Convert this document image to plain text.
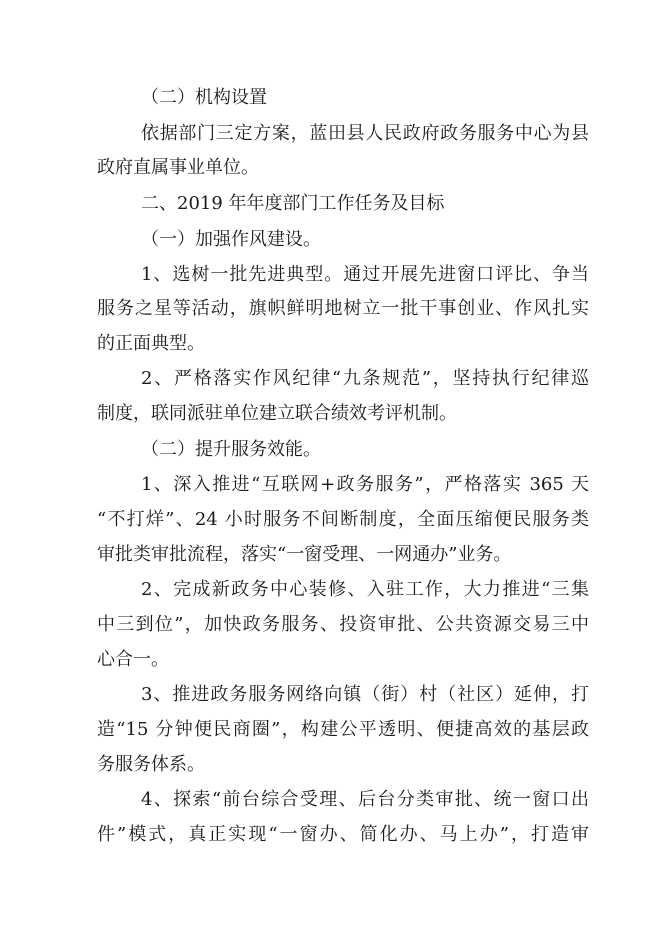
（二）机构设置
依据部门三定方案，蓝田县人民政府政务服务中心为县
政府直属事业单位。
二、2019 年年度部门工作任务及目标
（一）加强作风建设。
1、选树一批先进典型。通过开展先进窗口评比、争当
服务之星等活动，旗帜鲜明地树立一批干事创业、作风扎实
的正面典型。
2、严格落实作风纪律“九条规范”，坚持执行纪律巡
制度，联同派驻单位建立联合绩效考评机制。
（二）提升服务效能。
1、深入推进“互联网+政务服务”，严格落实 365 天
“不打烊”、24 小时服务不间断制度，全面压缩便民服务类
审批类审批流程，落实“一窗受理、一网通办”业务。
2、完成新政务中心装修、入驻工作，大力推进“三集
中三到位”，加快政务服务、投资审批、公共资源交易三中
心合一。
3、推进政务服务网络向镇（街）村（社区）延伸，打
造“15 分钟便民商圈”，构建公平透明、便捷高效的基层政
务服务体系。
4、探索“前台综合受理、后台分类审批、统一窗口出
件”模式，真正实现“一窗办、简化办、马上办”，打造审
